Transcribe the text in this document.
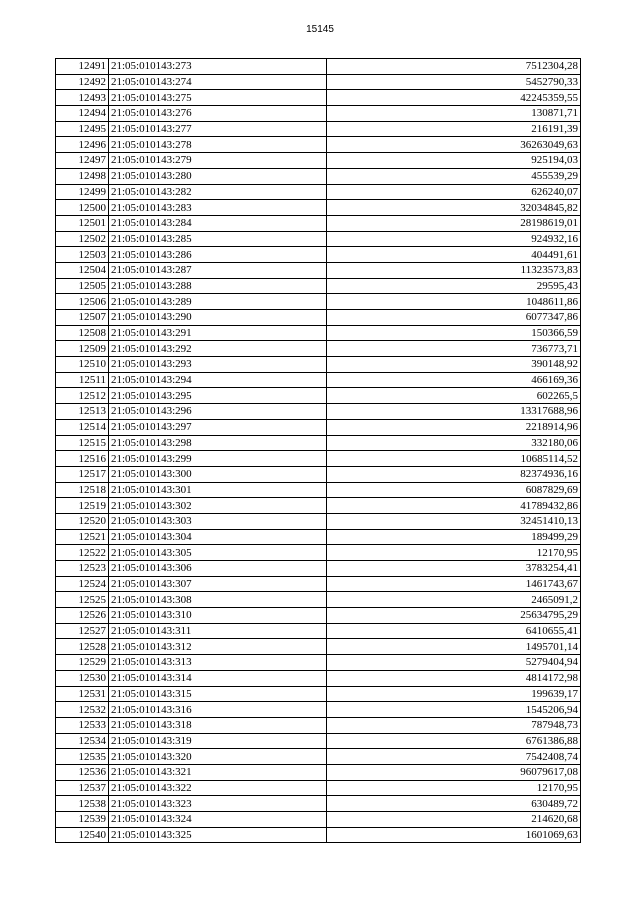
15145
12491	21:05:010143:273	7512304,28
12492	21:05:010143:274	5452790,33
12493	21:05:010143:275	42245359,55
12494	21:05:010143:276	130871,71
12495	21:05:010143:277	216191,39
12496	21:05:010143:278	36263049,63
12497	21:05:010143:279	925194,03
12498	21:05:010143:280	455539,29
12499	21:05:010143:282	626240,07
12500	21:05:010143:283	32034845,82
12501	21:05:010143:284	28198619,01
12502	21:05:010143:285	924932,16
12503	21:05:010143:286	404491,61
12504	21:05:010143:287	11323573,83
12505	21:05:010143:288	29595,43
12506	21:05:010143:289	1048611,86
12507	21:05:010143:290	6077347,86
12508	21:05:010143:291	150366,59
12509	21:05:010143:292	736773,71
12510	21:05:010143:293	390148,92
12511	21:05:010143:294	466169,36
12512	21:05:010143:295	602265,5
12513	21:05:010143:296	13317688,96
12514	21:05:010143:297	2218914,96
12515	21:05:010143:298	332180,06
12516	21:05:010143:299	10685114,52
12517	21:05:010143:300	82374936,16
12518	21:05:010143:301	6087829,69
12519	21:05:010143:302	41789432,86
12520	21:05:010143:303	32451410,13
12521	21:05:010143:304	189499,29
12522	21:05:010143:305	12170,95
12523	21:05:010143:306	3783254,41
12524	21:05:010143:307	1461743,67
12525	21:05:010143:308	2465091,2
12526	21:05:010143:310	25634795,29
12527	21:05:010143:311	6410655,41
12528	21:05:010143:312	1495701,14
12529	21:05:010143:313	5279404,94
12530	21:05:010143:314	4814172,98
12531	21:05:010143:315	199639,17
12532	21:05:010143:316	1545206,94
12533	21:05:010143:318	787948,73
12534	21:05:010143:319	6761386,88
12535	21:05:010143:320	7542408,74
12536	21:05:010143:321	96079617,08
12537	21:05:010143:322	12170,95
12538	21:05:010143:323	630489,72
12539	21:05:010143:324	214620,68
12540	21:05:010143:325	1601069,63
